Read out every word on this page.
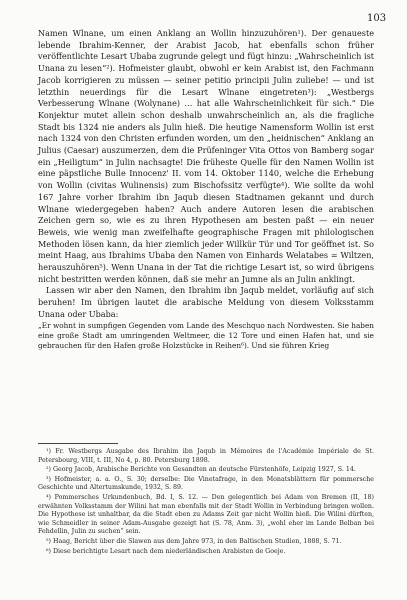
103

Namen Wlnane, um einen Anklang an Wollin hinzuzuhören¹). Der genaueste lebende Ibrahim-Kenner, der Arabist Jacob, hat ebenfalls schon früher veröffentlichte Lesart Ubaba zugrunde gelegt und fügt hinzu: „Wahrscheinlich ist Unana zu lesen“²). Hofmeister glaubt, obwohl er kein Arabist ist, den Fachmann Jacob korrigieren zu müssen — seiner petitio principii Julin zuliebe! — und ist letzthin neuerdings für die Lesart Wlnane eingetreten³): „Westbergs Verbesserung Wlnane (Wolynane) … hat alle Wahrscheinlichkeit für sich.“ Die Konjektur mutet allein schon deshalb unwahrscheinlich an, als die fragliche Stadt bis 1324 nie anders als Julin hieß. Die heutige Namensform Wollin ist erst nach 1324 von den Christen erfunden worden, um den „heidnischen“ Anklang an Julius (Caesar) auszumerzen, dem die Prüfeninger Vita Ottos von Bamberg sogar ein „Heiligtum“ in Julin nachsagte! Die früheste Quelle für den Namen Wollin ist eine päpstliche Bulle Innocenz' II. vom 14. Oktober 1140, welche die Erhebung von Wollin (civitas Wulinensis) zum Bischofssitz verfügte⁴). Wie sollte da wohl 167 Jahre vorher Ibrahim ibn Jaqub diesen Stadtnamen gekannt und durch Wlnane wiedergegeben haben? Auch andere Autoren lesen die arabischen Zeichen gern so, wie es zu ihren Hypothesen am besten paßt — ein neuer Beweis, wie wenig man zweifelhafte geographische Fragen mit philologischen Methoden lösen kann, da hier ziemlich jeder Willkür Tür und Tor geöffnet ist. So meint Haag, aus Ibrahims Ubaba den Namen von Einhards Welatabes = Wiltzen, herauszuhören⁵). Wenn Unana in der Tat die richtige Lesart ist, so wird übrigens nicht bestritten werden können, daß sie mehr an Jumne als an Julin anklingt.

Lassen wir aber den Namen, den Ibrahim ibn Jaqub meldet, vorläufig auf sich beruhen! Im übrigen lautet die arabische Meldung von diesem Volksstamm Unana oder Ubaba:

„Er wohnt in sumpfigen Gegenden vom Lande des Meschquo nach Nordwesten. Sie haben eine große Stadt am umringenden Weltmeer, die 12 Tore und einen Hafen hat, und sie gebrauchen für den Hafen große Holzstücke in Reihen⁶). Und sie führen Krieg

¹) Fr. Westbergs Ausgabe des Ibrahim ibn Jaqub in Mémoires de l'Académie Impériale de St. Petersbourg, VIII, t. III, No 4, p. 80. Petersburg 1898.

²) Georg Jacob, Arabische Berichte von Gesandten an deutsche Fürstenhöfe, Leipzig 1927, S. 14.

³) Hofmeister, a. a. O., S. 30; derselbe: Die Vinetafrage, in den Monatsblättern für pommersche Geschichte und Altertumskunde, 1932, S. 89.

⁴) Pommersches Urkundenbuch, Bd. I, S. 12. — Den gelegentlich bei Adam von Bremen (II, 18) erwähnten Volksstamm der Wilini hat man ebenfalls mit der Stadt Wollin in Verbindung bringen wollen. Die Hypothese ist unhaltbar, da die Stadt eben zu Adams Zeit gar nicht Wollin hieß. Die Wilini dürften, wie Schmeidler in seiner Adam-Ausgabe gezeigt hat (S. 78, Anm. 3), „wohl eher im Lande Belban bei Fehdellin, Julin zu suchen“ sein.

⁵) Haag, Bericht über die Slawen aus dem Jahre 973, in den Baltischen Studien, 1888, S. 71.

⁶) Diese berichtigte Lesart nach dem niederländischen Arabisten de Goeje.
